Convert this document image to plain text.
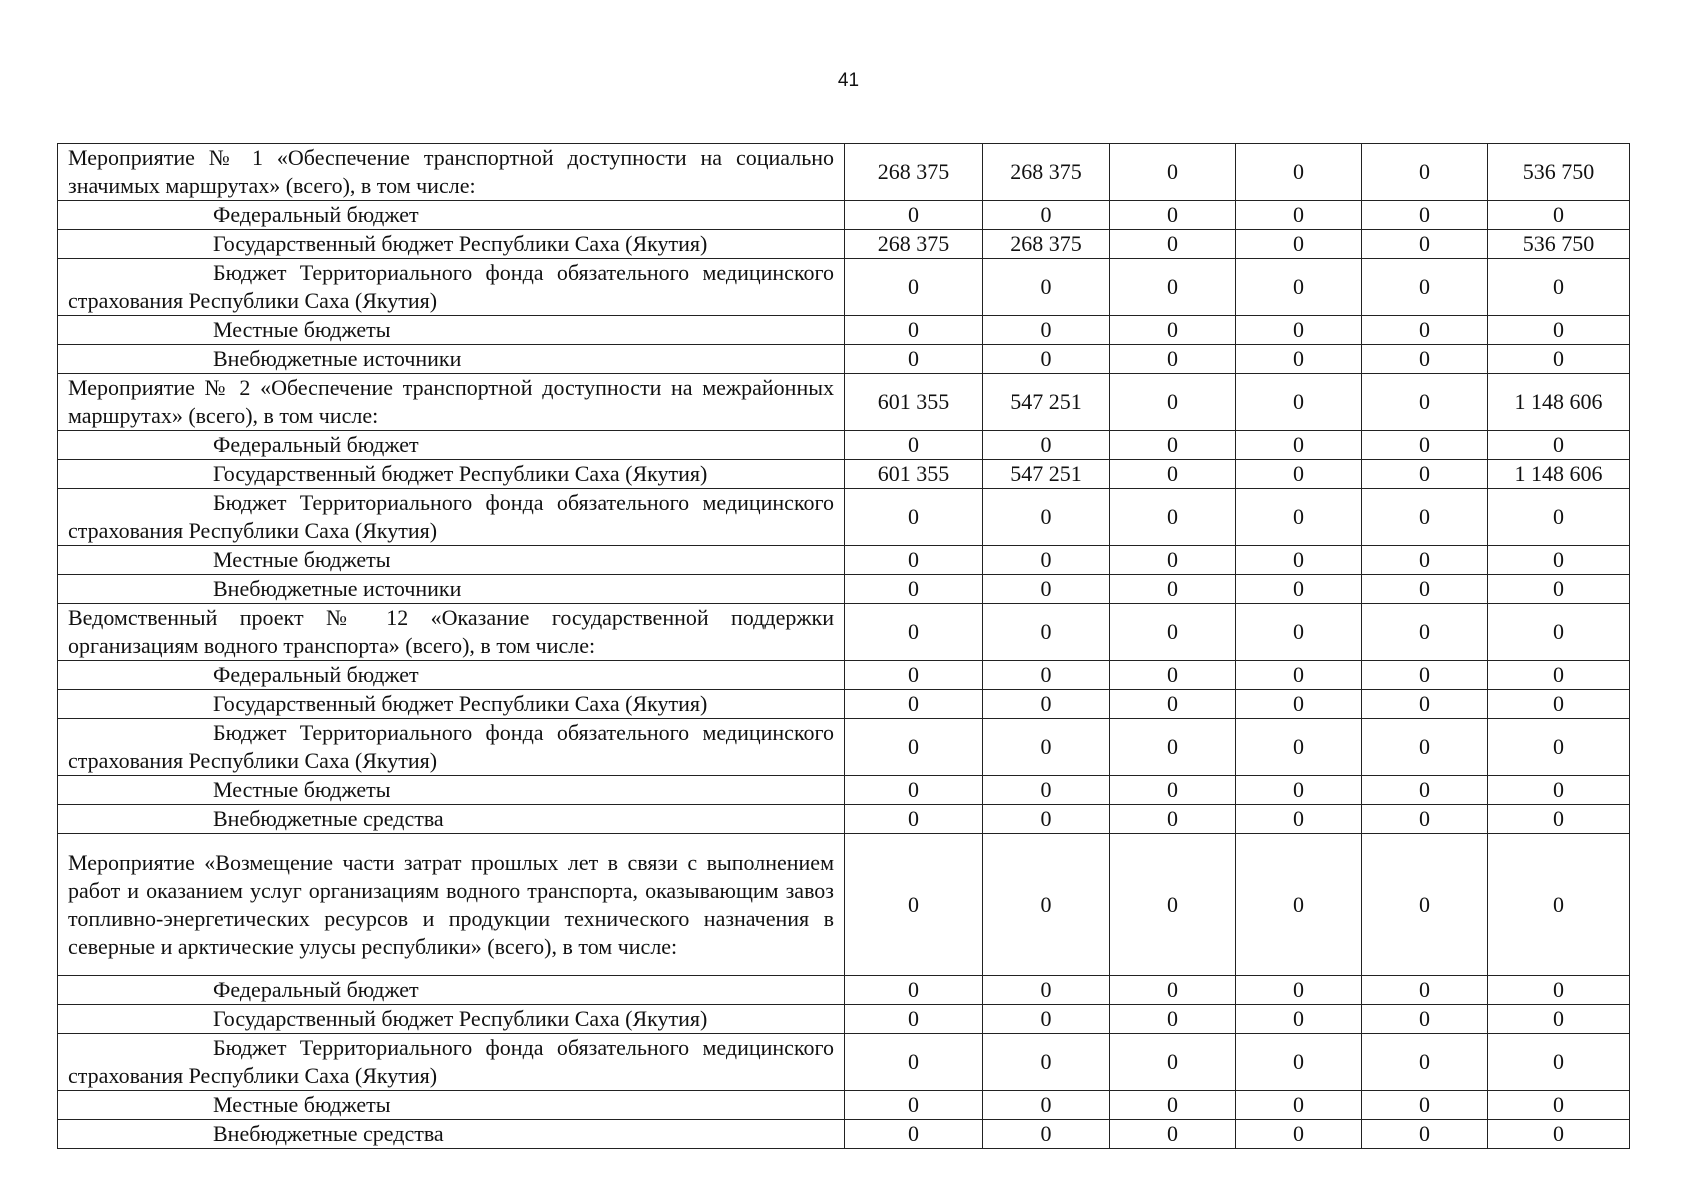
41
Мероприятие № 1 «Обеспечение транспортной доступности на социально значимых маршрутах» (всего), в том числе:	268 375	268 375	0	0	0	536 750
Федеральный бюджет	0	0	0	0	0	0
Государственный бюджет Республики Саха (Якутия)	268 375	268 375	0	0	0	536 750
Бюджет Территориального фонда обязательного медицинского страхования Республики Саха (Якутия)	0	0	0	0	0	0
Местные бюджеты	0	0	0	0	0	0
Внебюджетные источники	0	0	0	0	0	0
Мероприятие № 2 «Обеспечение транспортной доступности на межрайонных маршрутах» (всего), в том числе:	601 355	547 251	0	0	0	1 148 606
Федеральный бюджет	0	0	0	0	0	0
Государственный бюджет Республики Саха (Якутия)	601 355	547 251	0	0	0	1 148 606
Бюджет Территориального фонда обязательного медицинского страхования Республики Саха (Якутия)	0	0	0	0	0	0
Местные бюджеты	0	0	0	0	0	0
Внебюджетные источники	0	0	0	0	0	0
Ведомственный проект № 12 «Оказание государственной поддержки организациям водного транспорта» (всего), в том числе:	0	0	0	0	0	0
Федеральный бюджет	0	0	0	0	0	0
Государственный бюджет Республики Саха (Якутия)	0	0	0	0	0	0
Бюджет Территориального фонда обязательного медицинского страхования Республики Саха (Якутия)	0	0	0	0	0	0
Местные бюджеты	0	0	0	0	0	0
Внебюджетные средства	0	0	0	0	0	0
Мероприятие «Возмещение части затрат прошлых лет в связи с выполнением работ и оказанием услуг организациям водного транспорта, оказывающим завоз топливно-энергетических ресурсов и продукции технического назначения в северные и арктические улусы республики» (всего), в том числе:	0	0	0	0	0	0
Федеральный бюджет	0	0	0	0	0	0
Государственный бюджет Республики Саха (Якутия)	0	0	0	0	0	0
Бюджет Территориального фонда обязательного медицинского страхования Республики Саха (Якутия)	0	0	0	0	0	0
Местные бюджеты	0	0	0	0	0	0
Внебюджетные средства	0	0	0	0	0	0
